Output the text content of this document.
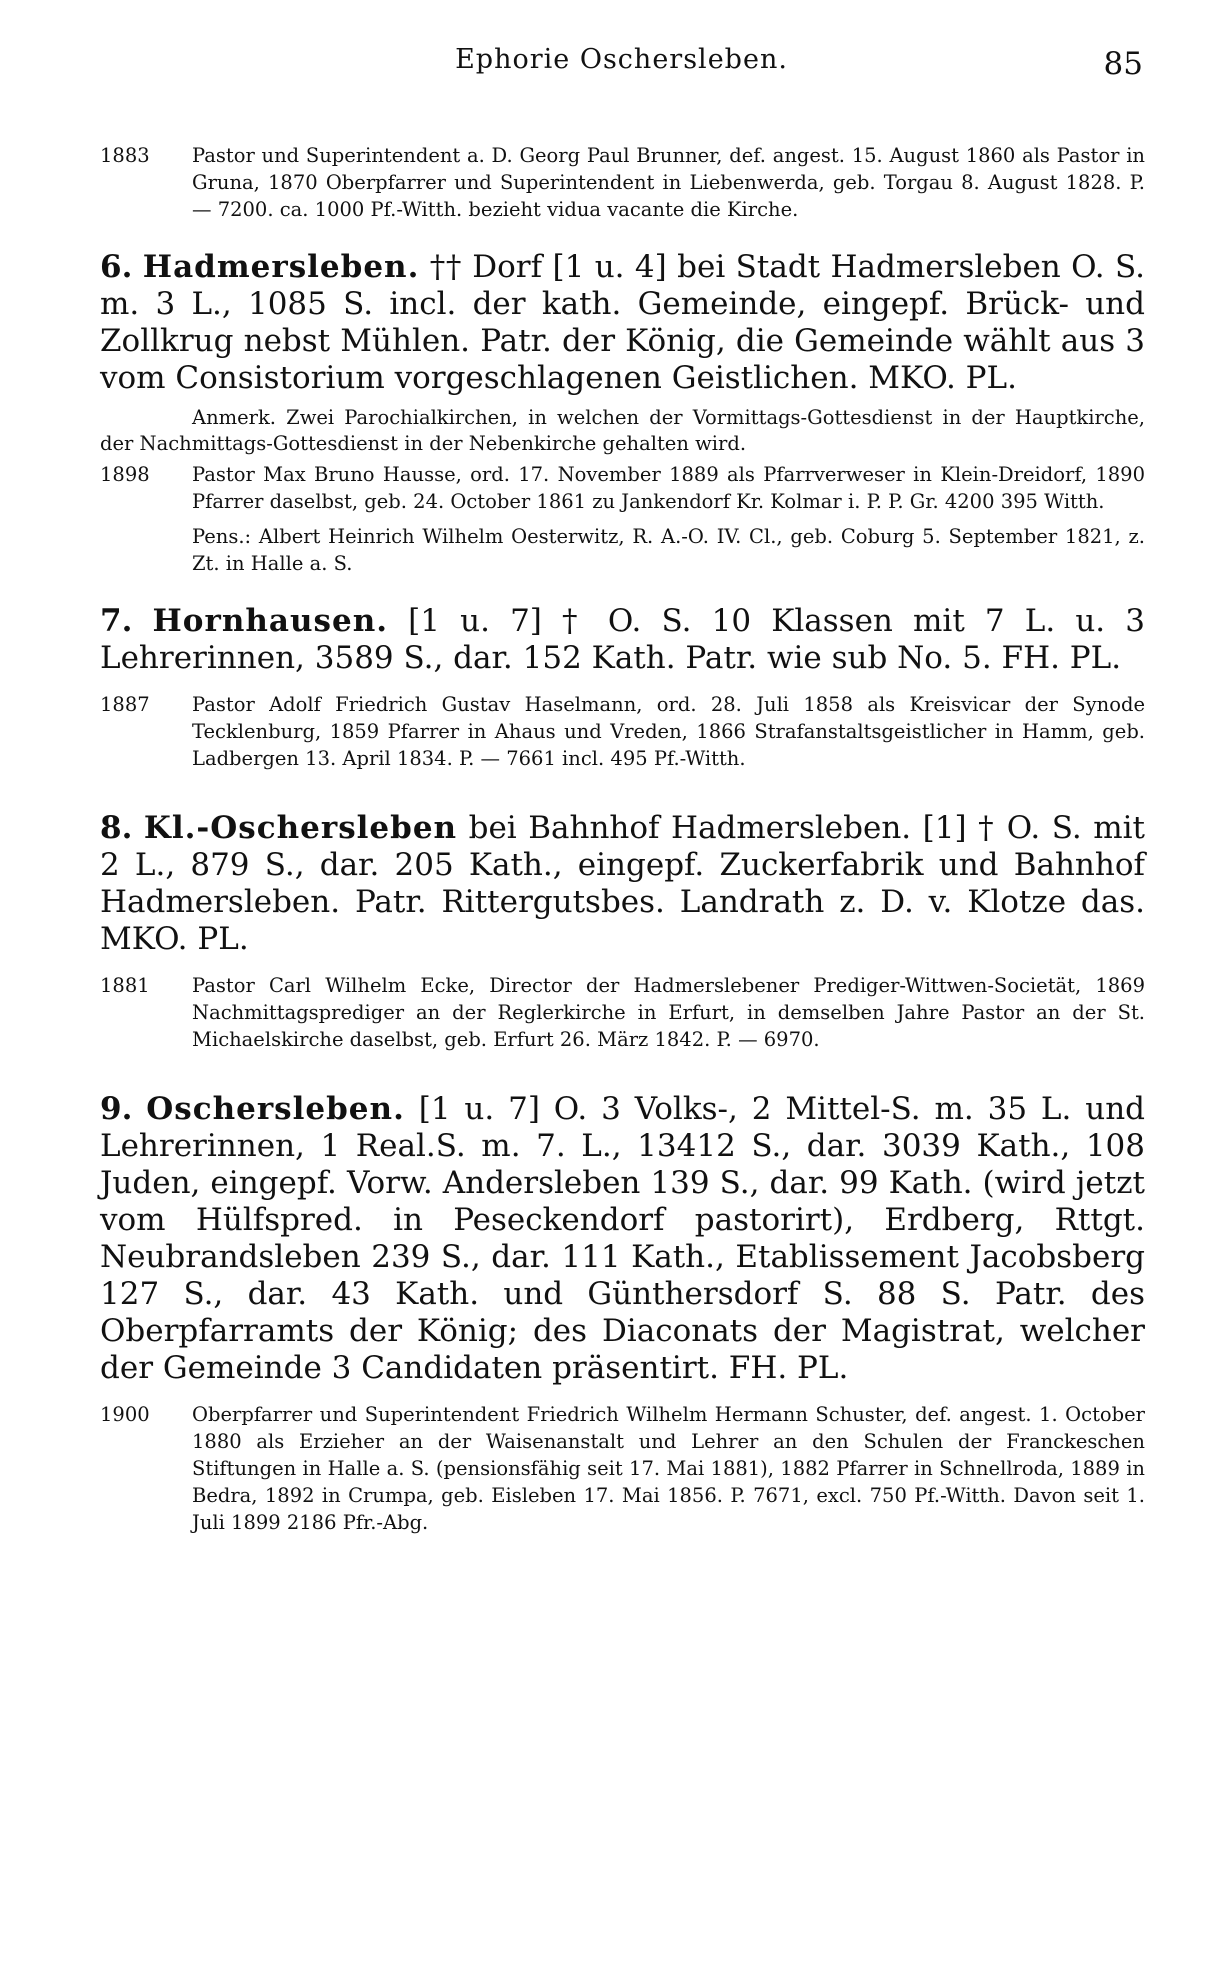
Ephorie Oschersleben.	85
1883	Pastor und Superintendent a. D. Georg Paul Brunner, def. angest. 15. August 1860 als Pastor in Gruna, 1870 Oberpfarrer und Superintendent in Liebenwerda, geb. Torgau 8. August 1828. P. — 7200. ca. 1000 Pf.-Witth. bezieht vidua vacante die Kirche.

6. Hadmersleben. †† Dorf [1 u. 4] bei Stadt Hadmersleben O. S. m. 3 L., 1085 S. incl. der kath. Gemeinde, eingepf. Brück- und Zollkrug nebst Mühlen. Patr. der König, die Gemeinde wählt aus 3 vom Consistorium vorgeschlagenen Geistlichen. MKO. PL.

Anmerk. Zwei Parochialkirchen, in welchen der Vormittags-Gottesdienst in der Hauptkirche, der Nachmittags-Gottesdienst in der Nebenkirche gehalten wird.

1898	Pastor Max Bruno Hausse, ord. 17. November 1889 als Pfarrverweser in Klein-Dreidorf, 1890 Pfarrer daselbst, geb. 24. October 1861 zu Jankendorf Kr. Kolmar i. P. P. Gr. 4200 395 Witth.

Pens.: Albert Heinrich Wilhelm Oesterwitz, R. A.-O. IV. Cl., geb. Coburg 5. September 1821, z. Zt. in Halle a. S.

7. Hornhausen. [1 u. 7] † O. S. 10 Klassen mit 7 L. u. 3 Lehrerinnen, 3589 S., dar. 152 Kath. Patr. wie sub No. 5. FH. PL.

1887	Pastor Adolf Friedrich Gustav Haselmann, ord. 28. Juli 1858 als Kreisvicar der Synode Tecklenburg, 1859 Pfarrer in Ahaus und Vreden, 1866 Strafanstaltsgeistlicher in Hamm, geb. Ladbergen 13. April 1834. P. — 7661 incl. 495 Pf.-Witth.

8. Kl.-Oschersleben bei Bahnhof Hadmersleben. [1] † O. S. mit 2 L., 879 S., dar. 205 Kath., eingepf. Zuckerfabrik und Bahnhof Hadmersleben. Patr. Rittergutsbes. Landrath z. D. v. Klotze das. MKO. PL.

1881	Pastor Carl Wilhelm Ecke, Director der Hadmerslebener Prediger-Wittwen-Societät, 1869 Nachmittagsprediger an der Reglerkirche in Erfurt, in demselben Jahre Pastor an der St. Michaelskirche daselbst, geb. Erfurt 26. März 1842. P. — 6970.

9. Oschersleben. [1 u. 7] O. 3 Volks-, 2 Mittel-S. m. 35 L. und Lehrerinnen, 1 Real.S. m. 7. L., 13412 S., dar. 3039 Kath., 108 Juden, eingepf. Vorw. Andersleben 139 S., dar. 99 Kath. (wird jetzt vom Hülfspred. in Peseckendorf pastorirt), Erdberg, Rttgt. Neubrandsleben 239 S., dar. 111 Kath., Etablissement Jacobsberg 127 S., dar. 43 Kath. und Günthersdorf S. 88 S. Patr. des Oberpfarramts der König; des Diaconats der Magistrat, welcher der Gemeinde 3 Candidaten präsentirt. FH. PL.

1900	Oberpfarrer und Superintendent Friedrich Wilhelm Hermann Schuster, def. angest. 1. October 1880 als Erzieher an der Waisenanstalt und Lehrer an den Schulen der Franckeschen Stiftungen in Halle a. S. (pensionsfähig seit 17. Mai 1881), 1882 Pfarrer in Schnellroda, 1889 in Bedra, 1892 in Crumpa, geb. Eisleben 17. Mai 1856. P. 7671, excl. 750 Pf.-Witth. Davon seit 1. Juli 1899 2186 Pfr.-Abg.
